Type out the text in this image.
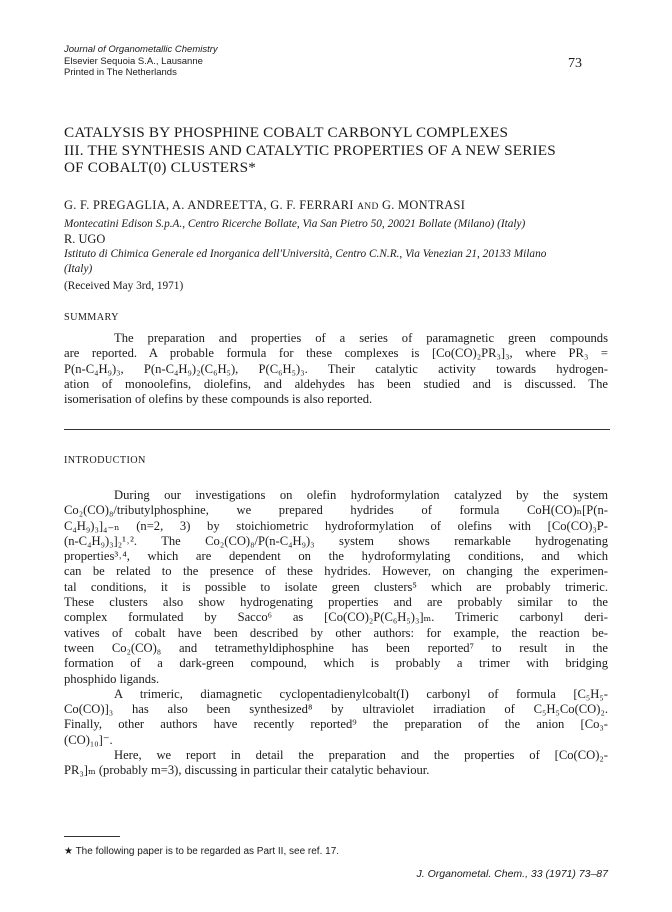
Journal of Organometallic Chemistry
Elsevier Sequoia S.A., Lausanne
Printed in The Netherlands
73
CATALYSIS BY PHOSPHINE COBALT CARBONYL COMPLEXES
III. THE SYNTHESIS AND CATALYTIC PROPERTIES OF A NEW SERIES
OF COBALT(0) CLUSTERS*
G. F. PREGAGLIA, A. ANDREETTA, G. F. FERRARI AND G. MONTRASI
Montecatini Edison S.p.A., Centro Ricerche Bollate, Via San Pietro 50, 20021 Bollate (Milano) (Italy)
R. UGO
Istituto di Chimica Generale ed Inorganica dell'Università, Centro C.N.R., Via Venezian 21, 20133 Milano
(Italy)
(Received May 3rd, 1971)
SUMMARY
The preparation and properties of a series of paramagnetic green compounds
are reported. A probable formula for these complexes is [Co(CO)₂PR₃]₃, where PR₃ =
P(n-C₄H₉)₃, P(n-C₄H₉)₂(C₆H₅), P(C₆H₅)₃. Their catalytic activity towards hydrogen-
ation of monoolefins, diolefins, and aldehydes has been studied and is discussed. The
isomerisation of olefins by these compounds is also reported.
INTRODUCTION
During our investigations on olefin hydroformylation catalyzed by the system
Co₂(CO)₈/tributylphosphine, we prepared hydrides of formula CoH(CO)ₙ[P(n-
C₄H₉)₃]₄₋ₙ (n=2, 3) by stoichiometric hydroformylation of olefins with [Co(CO)₃P-
(n-C₄H₉)₃]₂¹˒². The Co₂(CO)₈/P(n-C₄H₉)₃ system shows remarkable hydrogenating
properties³˒⁴, which are dependent on the hydroformylating conditions, and which
can be related to the presence of these hydrides. However, on changing the experimen-
tal conditions, it is possible to isolate green clusters⁵ which are probably trimeric.
These clusters also show hydrogenating properties and are probably similar to the
complex formulated by Sacco⁶ as [Co(CO)₂P(C₆H₅)₃]ₘ. Trimeric carbonyl deri-
vatives of cobalt have been described by other authors: for example, the reaction be-
tween Co₂(CO)₈ and tetramethyldiphosphine has been reported⁷ to result in the
formation of a dark-green compound, which is probably a trimer with bridging
phosphido ligands.
A trimeric, diamagnetic cyclopentadienylcobalt(I) carbonyl of formula [C₅H₅-
Co(CO)]₃ has also been synthesized⁸ by ultraviolet irradiation of C₅H₅Co(CO)₂.
Finally, other authors have recently reported⁹ the preparation of the anion [Co₃-
(CO)₁₀]⁻.
Here, we report in detail the preparation and the properties of [Co(CO)₂-
PR₃]ₘ (probably m=3), discussing in particular their catalytic behaviour.
★ The following paper is to be regarded as Part II, see ref. 17.
J. Organometal. Chem., 33 (1971) 73–87
